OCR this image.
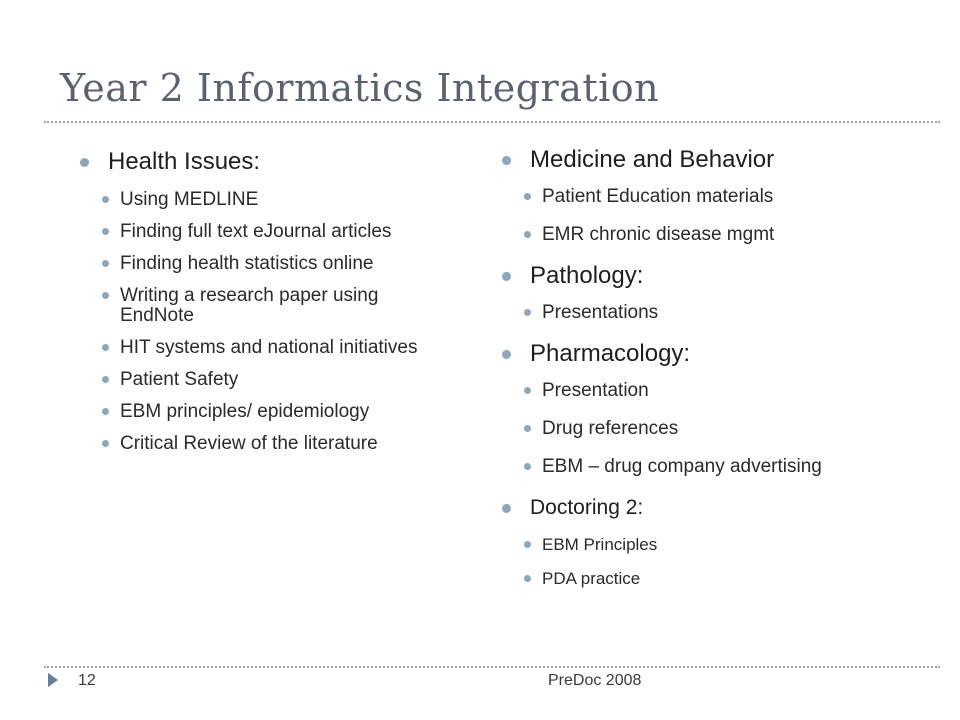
Year 2 Informatics Integration
Health Issues:
Using MEDLINE
Finding full text eJournal articles
Finding health statistics online
Writing a research paper using EndNote
HIT systems and national initiatives
Patient Safety
EBM principles/ epidemiology
Critical Review of the literature
Medicine and Behavior
Patient Education materials
EMR chronic disease mgmt
Pathology:
Presentations
Pharmacology:
Presentation
Drug references
EBM – drug company advertising
Doctoring 2:
EBM Principles
PDA practice
12	PreDoc 2008
